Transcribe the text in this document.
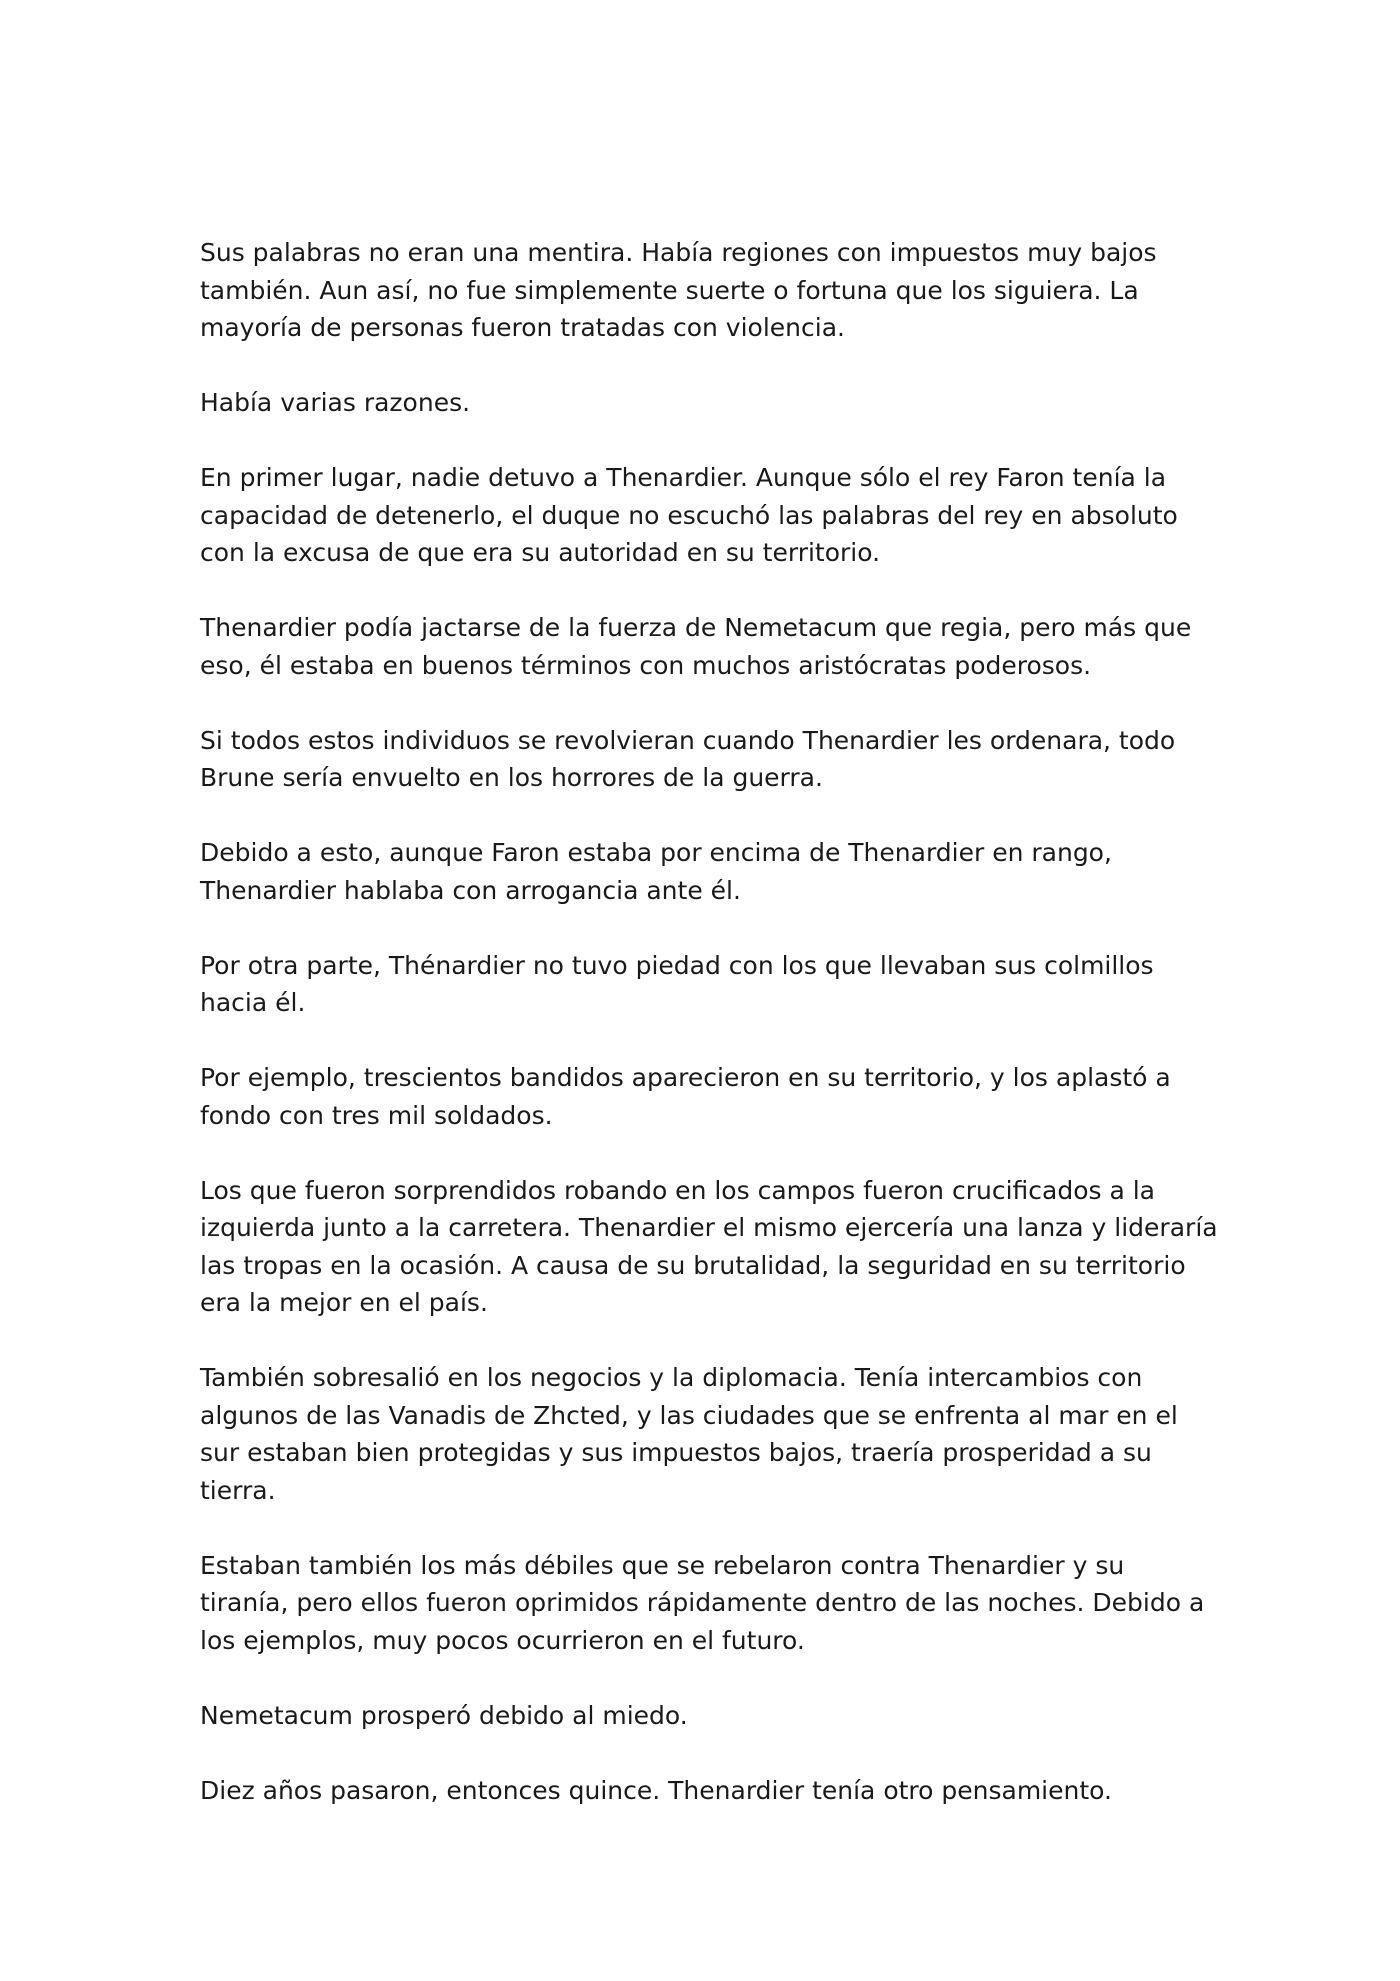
Sus palabras no eran una mentira. Había regiones con impuestos muy bajos también. Aun así, no fue simplemente suerte o fortuna que los siguiera. La mayoría de personas fueron tratadas con violencia.

Había varias razones.

En primer lugar, nadie detuvo a Thenardier. Aunque sólo el rey Faron tenía la capacidad de detenerlo, el duque no escuchó las palabras del rey en absoluto con la excusa de que era su autoridad en su territorio.

Thenardier podía jactarse de la fuerza de Nemetacum que regia, pero más que eso, él estaba en buenos términos con muchos aristócratas poderosos.

Si todos estos individuos se revolvieran cuando Thenardier les ordenara, todo Brune sería envuelto en los horrores de la guerra.

Debido a esto, aunque Faron estaba por encima de Thenardier en rango, Thenardier hablaba con arrogancia ante él.

Por otra parte, Thénardier no tuvo piedad con los que llevaban sus colmillos hacia él.

Por ejemplo, trescientos bandidos aparecieron en su territorio, y los aplastó a fondo con tres mil soldados.

Los que fueron sorprendidos robando en los campos fueron crucificados a la izquierda junto a la carretera. Thenardier el mismo ejercería una lanza y lideraría las tropas en la ocasión. A causa de su brutalidad, la seguridad en su territorio era la mejor en el país.

También sobresalió en los negocios y la diplomacia. Tenía intercambios con algunos de las Vanadis de Zhcted, y las ciudades que se enfrenta al mar en el sur estaban bien protegidas y sus impuestos bajos, traería prosperidad a su tierra.

Estaban también los más débiles que se rebelaron contra Thenardier y su tiranía, pero ellos fueron oprimidos rápidamente dentro de las noches. Debido a los ejemplos, muy pocos ocurrieron en el futuro.

Nemetacum prosperó debido al miedo.

Diez años pasaron, entonces quince. Thenardier tenía otro pensamiento.
